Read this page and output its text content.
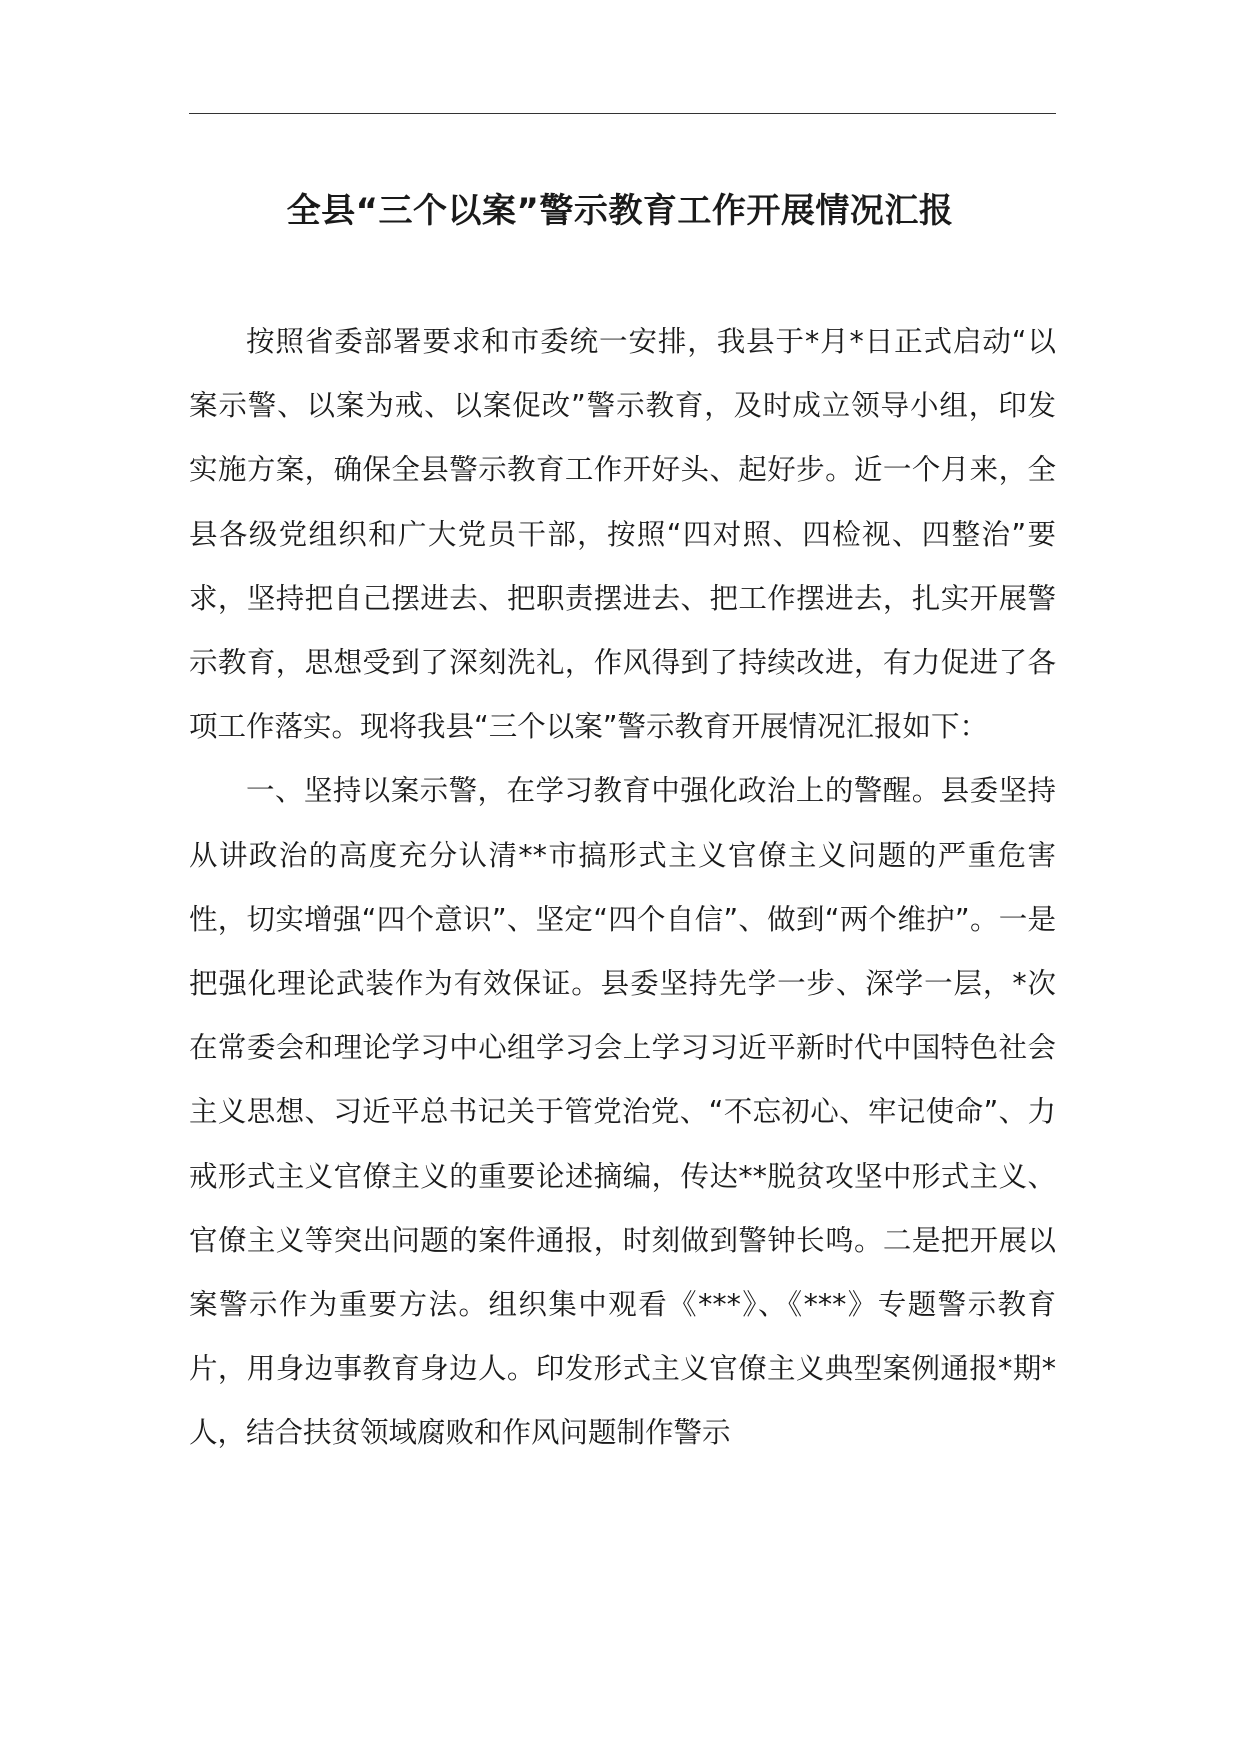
全县“三个以案”警示教育工作开展情况汇报

按照省委部署要求和市委统一安排，我县于*月*日正式启动“以案示警、以案为戒、以案促改”警示教育，及时成立领导小组，印发实施方案，确保全县警示教育工作开好头、起好步。近一个月来，全县各级党组织和广大党员干部，按照“四对照、四检视、四整治”要求，坚持把自己摆进去、把职责摆进去、把工作摆进去，扎实开展警示教育，思想受到了深刻洗礼，作风得到了持续改进，有力促进了各项工作落实。现将我县“三个以案”警示教育开展情况汇报如下：

一、坚持以案示警，在学习教育中强化政治上的警醒。县委坚持从讲政治的高度充分认清**市搞形式主义官僚主义问题的严重危害性，切实增强“四个意识”、坚定“四个自信”、做到“两个维护”。一是把强化理论武装作为有效保证。县委坚持先学一步、深学一层，*次在常委会和理论学习中心组学习会上学习习近平新时代中国特色社会主义思想、习近平总书记关于管党治党、“不忘初心、牢记使命”、力戒形式主义官僚主义的重要论述摘编，传达**脱贫攻坚中形式主义、官僚主义等突出问题的案件通报，时刻做到警钟长鸣。二是把开展以案警示作为重要方法。组织集中观看《***》、《***》专题警示教育片，用身边事教育身边人。印发形式主义官僚主义典型案例通报*期*人，结合扶贫领域腐败和作风问题制作警示
